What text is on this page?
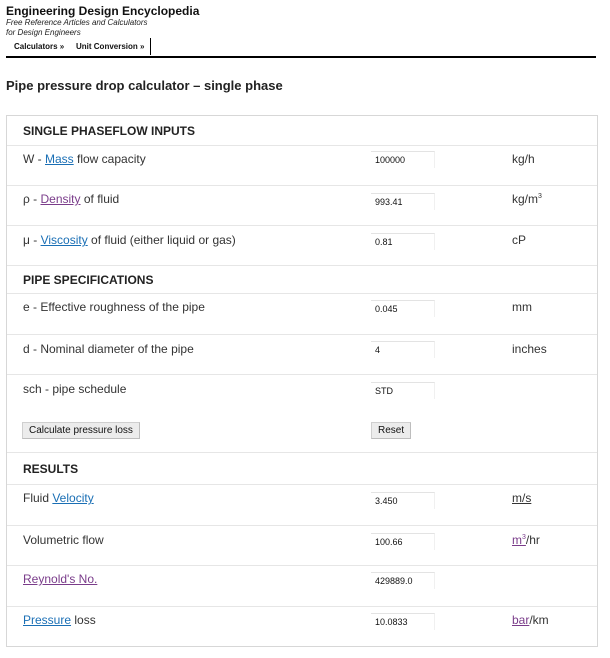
Engineering Design Encyclopedia
Free Reference Articles and Calculators
for Design Engineers
Calculators »	Unit Conversion »
Pipe pressure drop calculator – single phase
SINGLE PHASEFLOW INPUTS
W - Mass flow capacity	100000	kg/h
ρ - Density of fluid	993.41	$kg/m^3$
μ - Viscosity of fluid (either liquid or gas)	0.81	cP
PIPE SPECIFICATIONS
e - Effective roughness of the pipe	0.045	mm
d - Nominal diameter of the pipe	4	inches
sch - pipe schedule	STD
Calculate pressure loss	Reset
RESULTS
Fluid Velocity	3.450	m/s
Volumetric flow	100.66	$m^3/hr$
Reynold's No.	429889.0
Pressure loss	10.0833	bar/km
